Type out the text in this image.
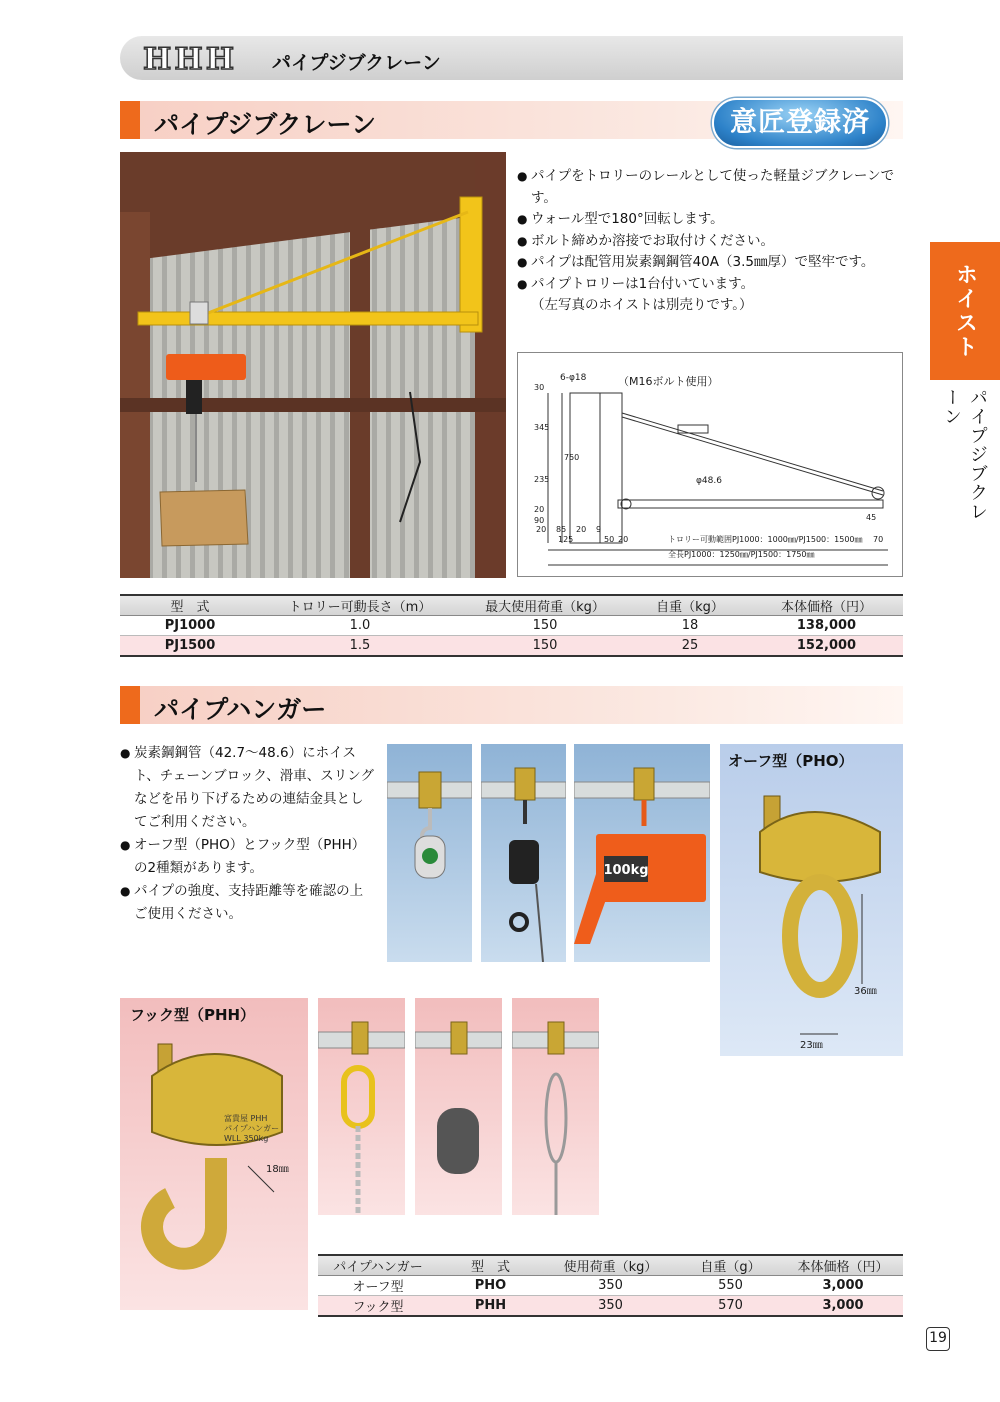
HHH パイプジブクレーン
ホイスト
パイプジブクレーン
パイプジブクレーン	意匠登録済
● パイプをトロリーのレールとして使った軽量ジブクレーンです。
● ウォール型で180°回転します。
● ボルト締めか溶接でお取付けください。
● パイプは配管用炭素鋼鋼管40A（3.5㎜厚）で堅牢です。
● パイプトロリーは1台付いています。
（左写真のホイストは別売りです。）
（M16ボルト使用）
6-φ18
φ48.6
30
345
235
20
90
750
20 85 20
125
9
50 20	70
45
トロリー可動範囲PJ1000：1000㎜/PJ1500：1500㎜
全長PJ1000：1250㎜/PJ1500：1750㎜
型　式	トロリー可動長さ（m）	最大使用荷重（kg）	自重（kg）	本体価格（円）
PJ1000	1.0	150	18	138,000
PJ1500	1.5	150	25	152,000
パイプハンガー
● 炭素鋼鋼管（42.7～48.6）にホイスト、チェーンブロック、滑車、スリングなどを吊り下げるための連結金具としてご利用ください。
● オーフ型（PHO）とフック型（PHH）の2種類があります。
● パイプの強度、支持距離等を確認の上ご使用ください。
100kg
オーフ型（PHO）
36㎜
23㎜
フック型（PHH）
富貴屋 PHH
パイプハンガー
WLL 350kg
18㎜
パイプハンガー	型　式	使用荷重（kg）	自重（g）	本体価格（円）
オーフ型	PHO	350	550	3,000
フック型	PHH	350	570	3,000
19
